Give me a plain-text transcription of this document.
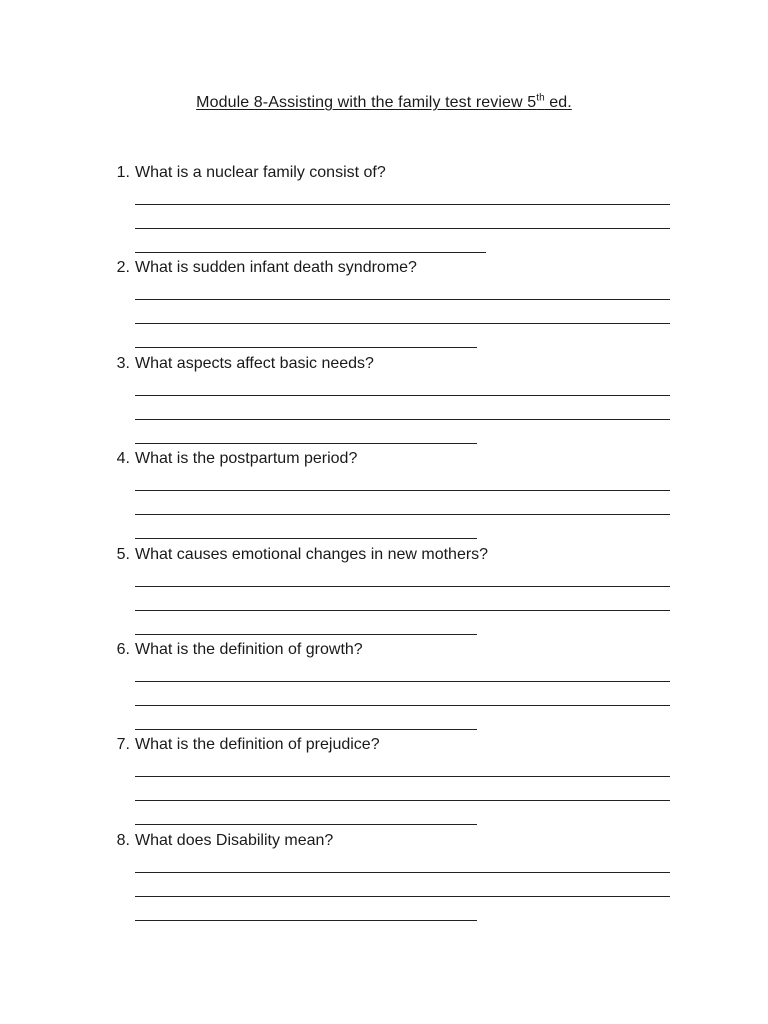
Module 8-Assisting with the family test review 5th ed.
1. What is a nuclear family consist of?
2. What is sudden infant death syndrome?
3. What aspects affect basic needs?
4. What is the postpartum period?
5. What causes emotional changes in new mothers?
6. What is the definition of growth?
7. What is the definition of prejudice?
8. What does Disability mean?
